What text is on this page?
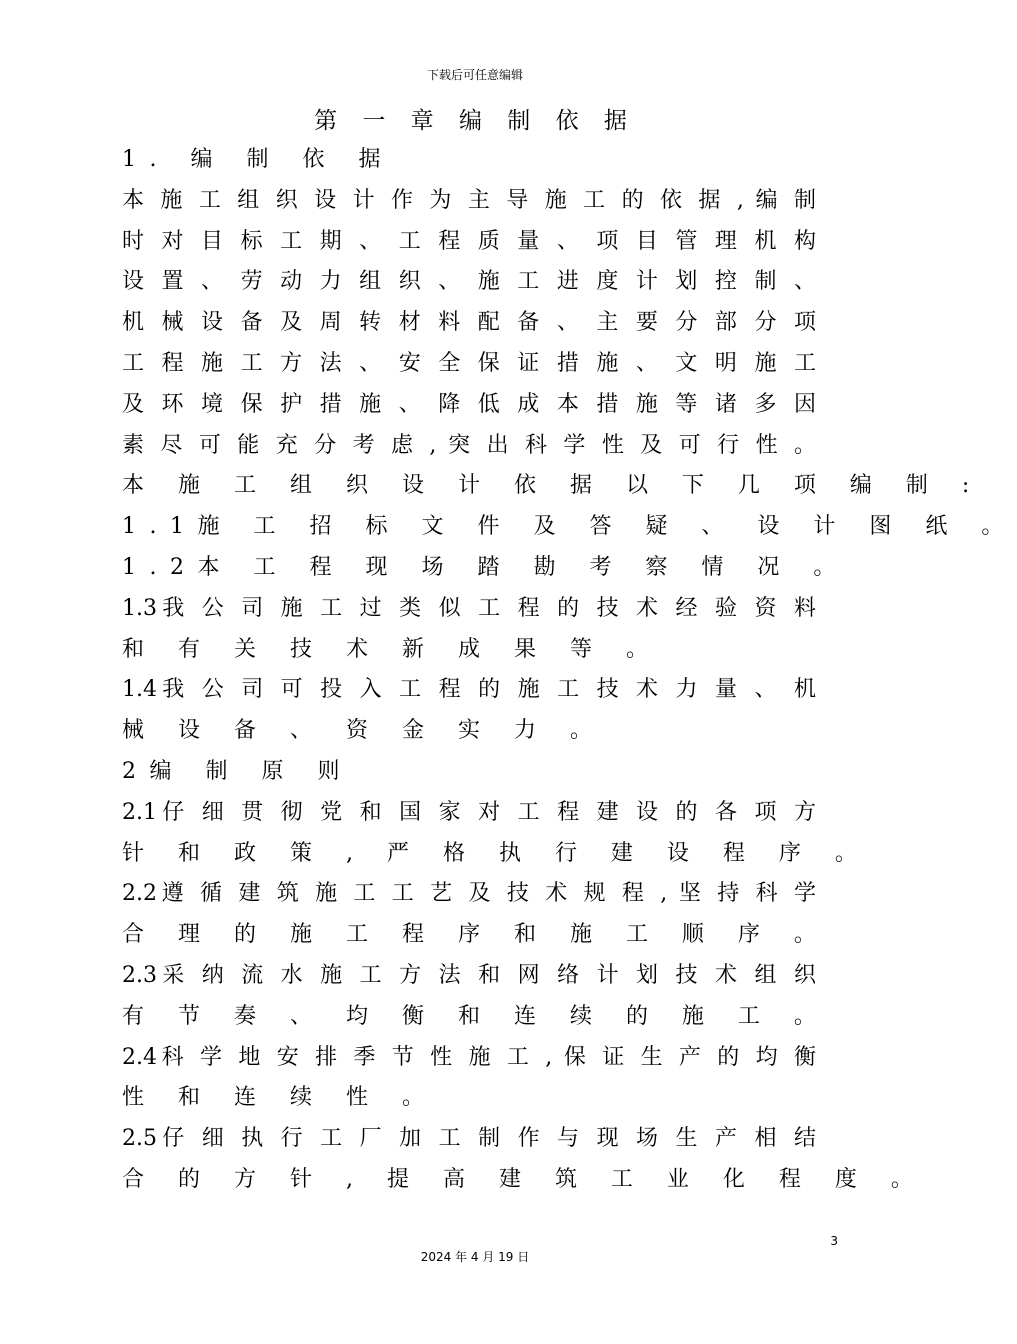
下载后可任意编辑
第 一 章 编 制 依 据
1. 编 制 依 据
本 施 工 组 织 设 计 作 为 主 导 施 工 的 依 据 , 编 制
时 对 目 标 工 期 、 工 程 质 量 、 项 目 管 理 机 构
设 置 、 劳 动 力 组 织 、 施 工 进 度 计 划 控 制 、
机 械 设 备 及 周 转 材 料 配 备 、 主 要 分 部 分 项
工 程 施 工 方 法 、 安 全 保 证 措 施 、 文 明 施 工
及 环 境 保 护 措 施 、 降 低 成 本 措 施 等 诸 多 因
素 尽 可 能 充 分 考 虑 , 突 出 科 学 性 及 可 行 性 。
本 施 工 组 织 设 计 依 据 以 下 几 项 编 制 :
1.1施 工 招 标 文 件 及 答 疑 、 设 计 图 纸 。
1.2本 工 程 现 场 踏 勘 考 察 情 况 。
1.3我 公 司 施 工 过 类 似 工 程 的 技 术 经 验 资 料
和 有 关 技 术 新 成 果 等 。
1.4我 公 司 可 投 入 工 程 的 施 工 技 术 力 量 、 机
械 设 备 、 资 金 实 力 。
2编 制 原 则
2.1仔 细 贯 彻 党 和 国 家 对 工 程 建 设 的 各 项 方
针 和 政 策 , 严 格 执 行 建 设 程 序 。
2.2遵 循 建 筑 施 工 工 艺 及 技 术 规 程 , 坚 持 科 学
合 理 的 施 工 程 序 和 施 工 顺 序 。
2.3采 纳 流 水 施 工 方 法 和 网 络 计 划 技 术 组 织
有 节 奏 、 均 衡 和 连 续 的 施 工 。
2.4科 学 地 安 排 季 节 性 施 工 , 保 证 生 产 的 均 衡
性 和 连 续 性 。
2.5仔 细 执 行 工 厂 加 工 制 作 与 现 场 生 产 相 结
合 的 方 针 , 提 高 建 筑 工 业 化 程 度 。
3
2024 年 4 月 19 日
